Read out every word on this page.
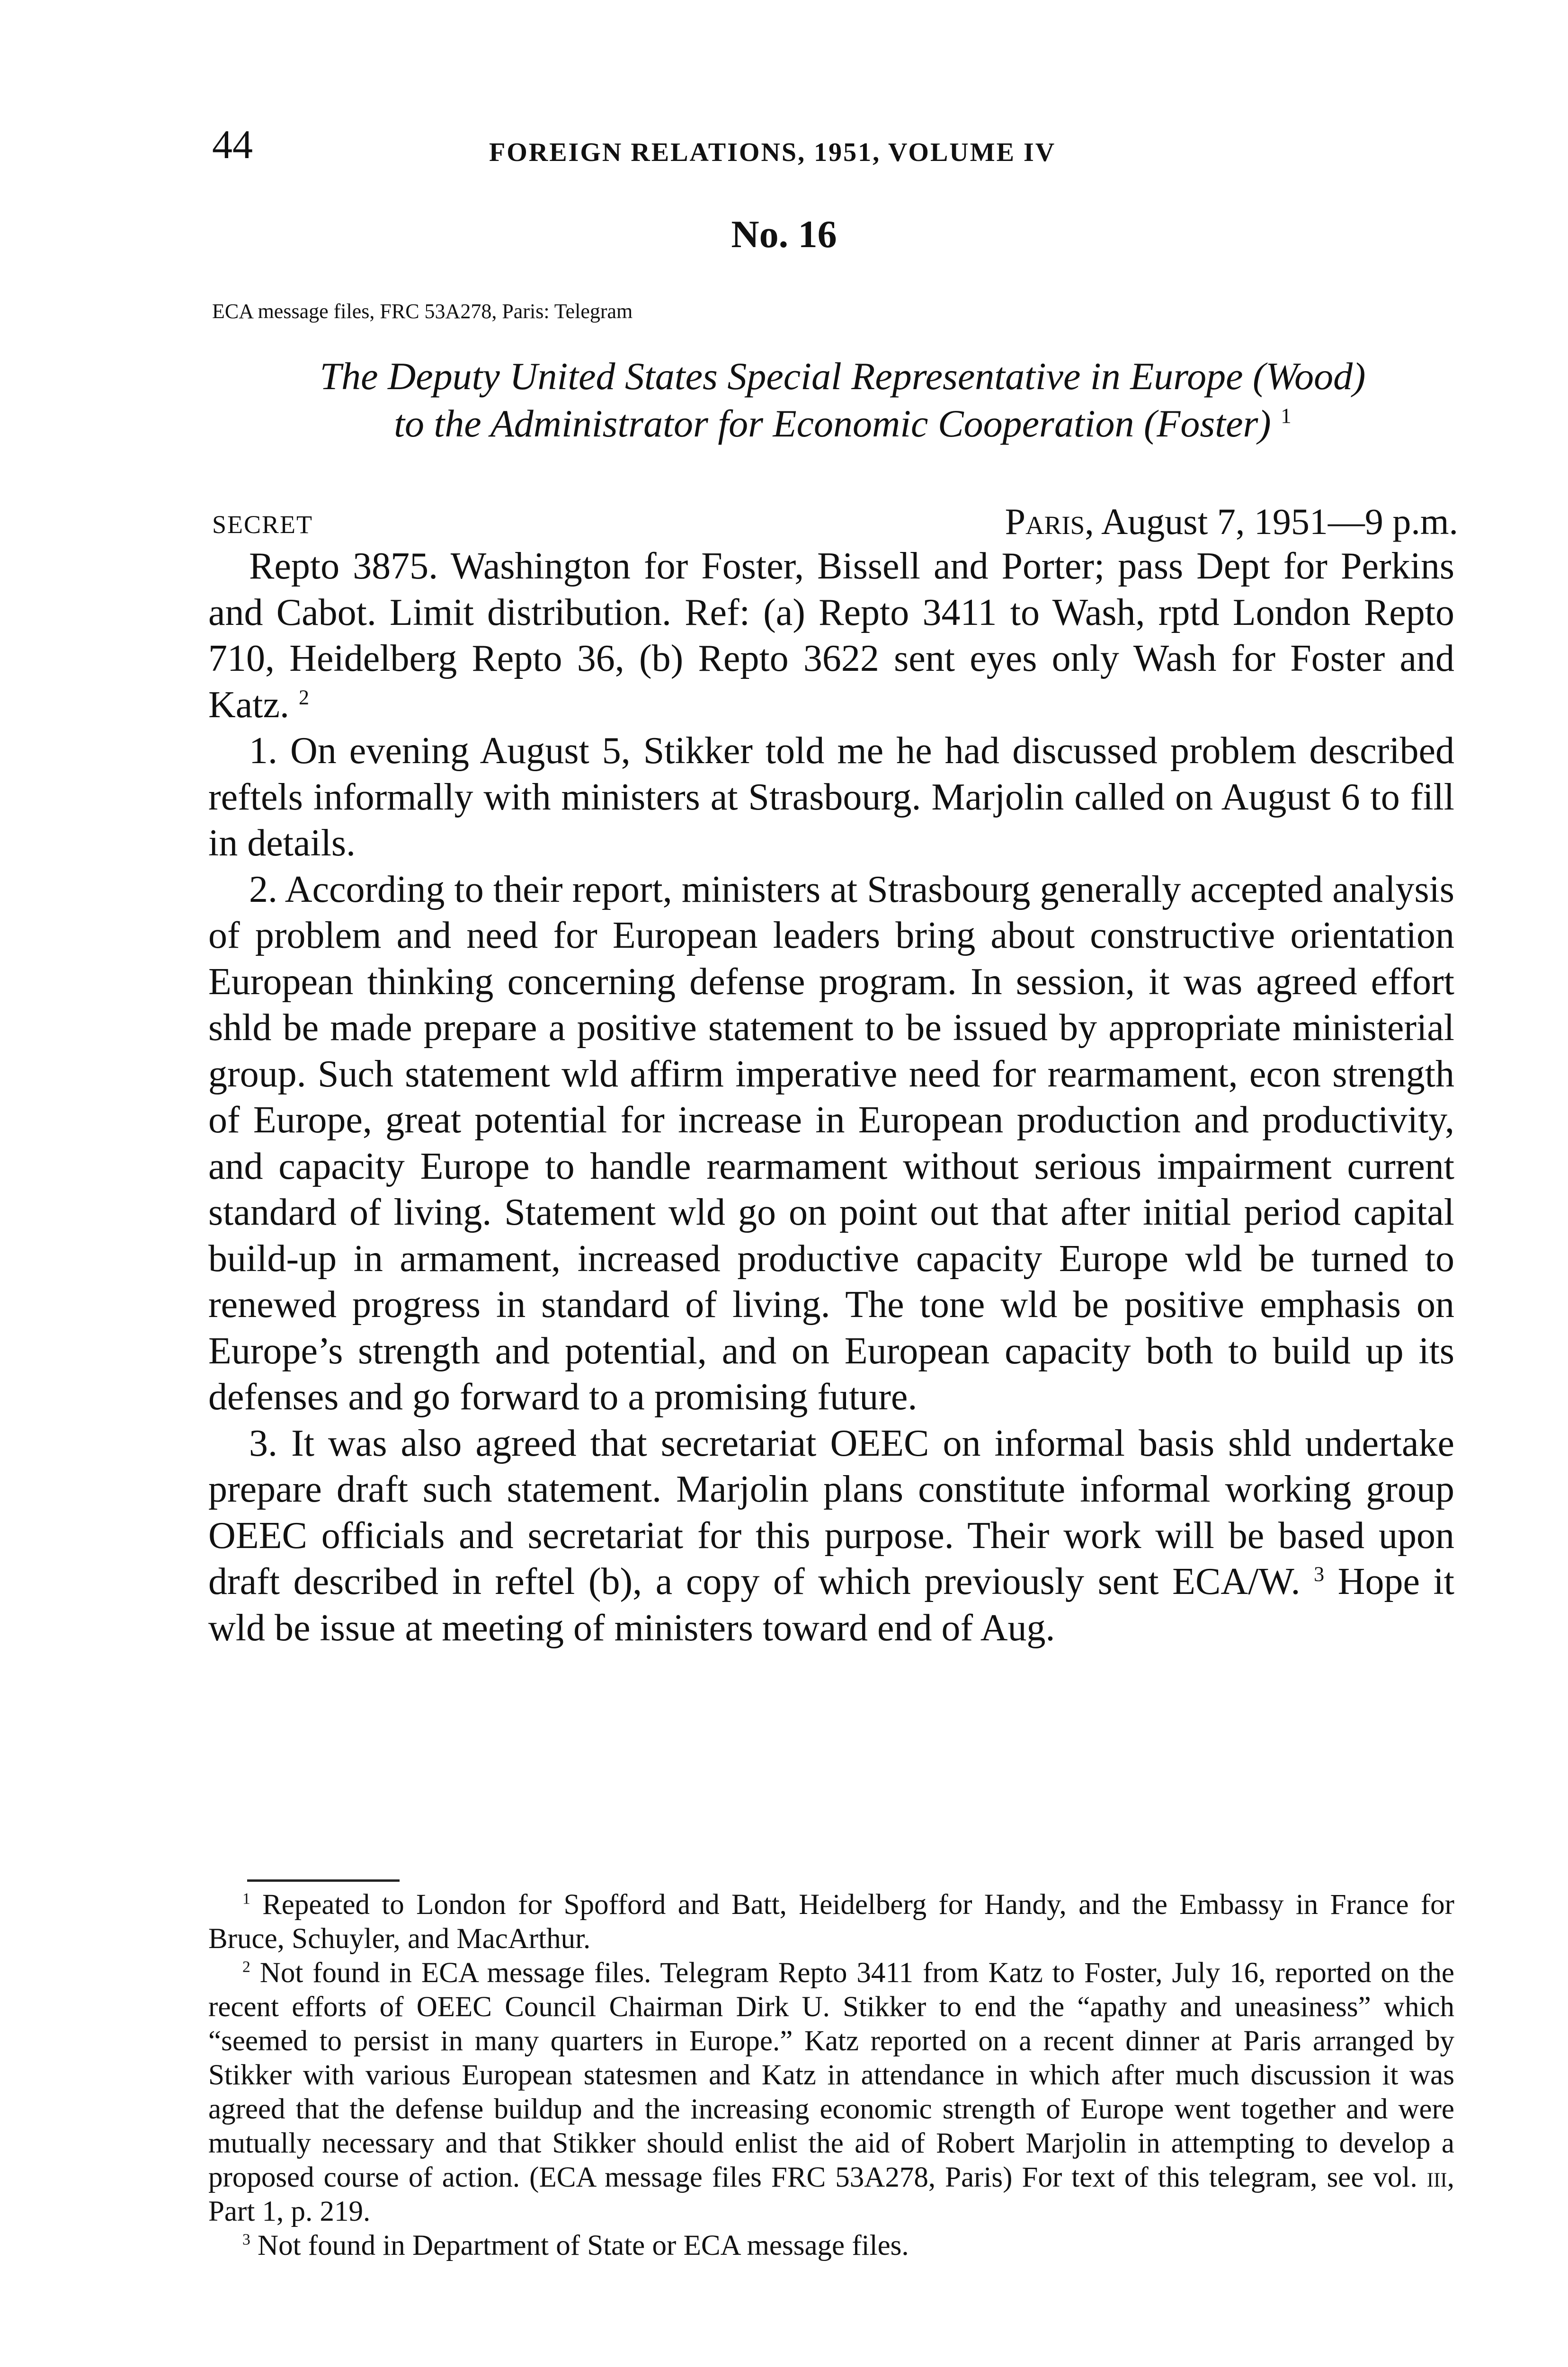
44	FOREIGN RELATIONS, 1951, VOLUME IV
No. 16
ECA message files, FRC 53A278, Paris: Telegram
The Deputy United States Special Representative in Europe (Wood)
to the Administrator for Economic Cooperation (Foster) $^1$
SECRET	Paris, August 7, 1951—9 p.m.

Repto 3875. Washington for Foster, Bissell and Porter; pass Dept for Perkins and Cabot. Limit distribution. Ref: (a) Repto 3411 to Wash, rptd London Repto 710, Heidelberg Repto 36, (b) Repto 3622 sent eyes only Wash for Foster and Katz. $^2$

1. On evening August 5, Stikker told me he had discussed problem described reftels informally with ministers at Strasbourg. Marjolin called on August 6 to fill in details.

2. According to their report, ministers at Strasbourg generally accepted analysis of problem and need for European leaders bring about constructive orientation European thinking concerning defense program. In session, it was agreed effort shld be made prepare a positive statement to be issued by appropriate ministerial group. Such statement wld affirm imperative need for rearmament, econ strength of Europe, great potential for increase in European production and productivity, and capacity Europe to handle rearmament without serious impairment current standard of living. Statement wld go on point out that after initial period capital build-up in armament, increased productive capacity Europe wld be turned to renewed progress in standard of living. The tone wld be positive emphasis on Europe’s strength and potential, and on European capacity both to build up its defenses and go forward to a promising future.

3. It was also agreed that secretariat OEEC on informal basis shld undertake prepare draft such statement. Marjolin plans constitute informal working group OEEC officials and secretariat for this purpose. Their work will be based upon draft described in reftel (b), a copy of which previously sent ECA/W. $^3$ Hope it wld be issue at meeting of ministers toward end of Aug.

$^1$ Repeated to London for Spofford and Batt, Heidelberg for Handy, and the Embassy in France for Bruce, Schuyler, and MacArthur.

$^2$ Not found in ECA message files. Telegram Repto 3411 from Katz to Foster, July 16, reported on the recent efforts of OEEC Council Chairman Dirk U. Stikker to end the “apathy and uneasiness” which “seemed to persist in many quarters in Europe.” Katz reported on a recent dinner at Paris arranged by Stikker with various European statesmen and Katz in attendance in which after much discussion it was agreed that the defense buildup and the increasing economic strength of Europe went together and were mutually necessary and that Stikker should enlist the aid of Robert Marjolin in attempting to develop a proposed course of action. (ECA message files FRC 53A278, Paris) For text of this telegram, see vol. iii, Part 1, p. 219.

$^3$ Not found in Department of State or ECA message files.
